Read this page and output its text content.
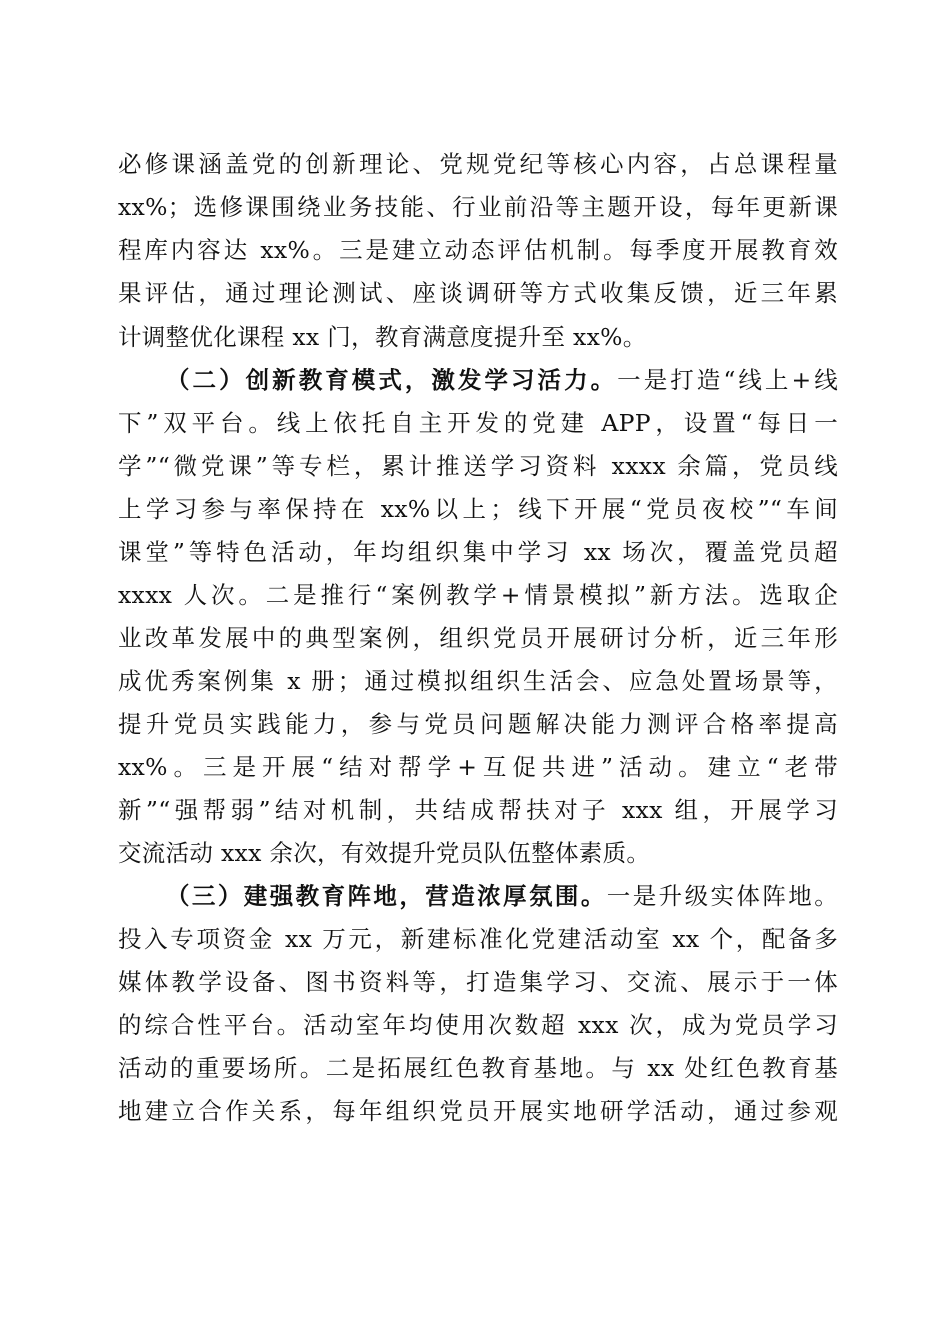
必修课涵盖党的创新理论、党规党纪等核心内容，占总课程量
xx%；选修课围绕业务技能、行业前沿等主题开设，每年更新课
程库内容达 xx%。三是建立动态评估机制。每季度开展教育效
果评估，通过理论测试、座谈调研等方式收集反馈，近三年累
计调整优化课程 xx 门，教育满意度提升至 xx%。
（二）创新教育模式，激发学习活力。一是打造“线上+线
下”双平台。线上依托自主开发的党建 APP，设置“每日一
学”“微党课”等专栏，累计推送学习资料 xxxx 余篇，党员线
上学习参与率保持在 xx%以上；线下开展“党员夜校”“车间
课堂”等特色活动，年均组织集中学习 xx 场次，覆盖党员超
xxxx 人次。二是推行“案例教学+情景模拟”新方法。选取企
业改革发展中的典型案例，组织党员开展研讨分析，近三年形
成优秀案例集 x 册；通过模拟组织生活会、应急处置场景等，
提升党员实践能力，参与党员问题解决能力测评合格率提高
xx%。三是开展“结对帮学+互促共进”活动。建立“老带
新”“强帮弱”结对机制，共结成帮扶对子 xxx 组，开展学习
交流活动 xxx 余次，有效提升党员队伍整体素质。
（三）建强教育阵地，营造浓厚氛围。一是升级实体阵地。
投入专项资金 xx 万元，新建标准化党建活动室 xx 个，配备多
媒体教学设备、图书资料等，打造集学习、交流、展示于一体
的综合性平台。活动室年均使用次数超 xxx 次，成为党员学习
活动的重要场所。二是拓展红色教育基地。与 xx 处红色教育基
地建立合作关系，每年组织党员开展实地研学活动，通过参观
